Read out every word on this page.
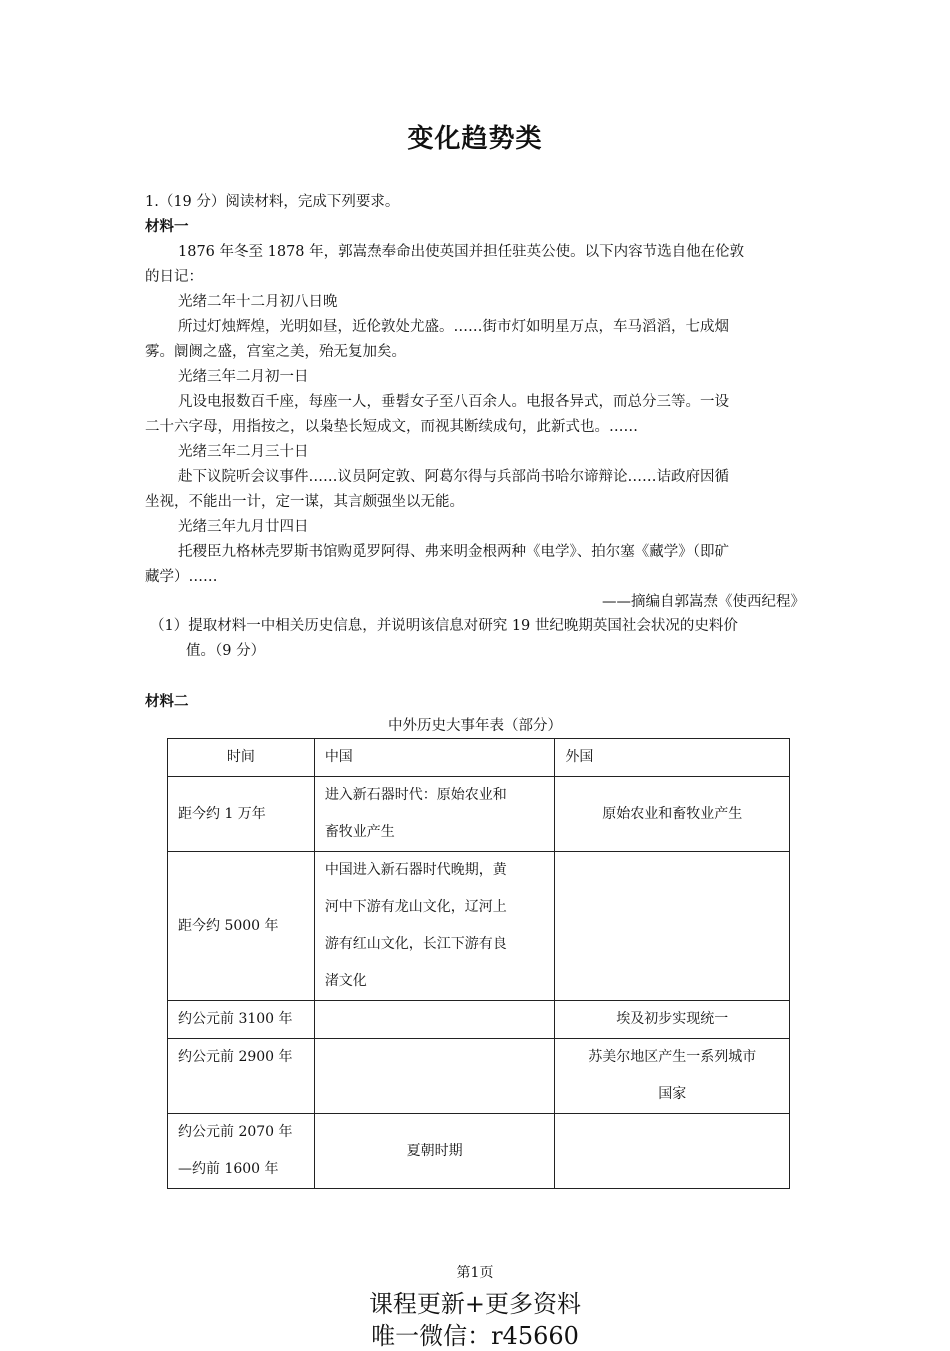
变化趋势类
1.（19 分）阅读材料，完成下列要求。
材料一
1876 年冬至 1878 年，郭嵩焘奉命出使英国并担任驻英公使。以下内容节选自他在伦敦
的日记：
光绪二年十二月初八日晚
所过灯烛辉煌，光明如昼，近伦敦处尤盛。……街市灯如明星万点，车马滔滔，七成烟
雾。阛阓之盛，宫室之美，殆无复加矣。
光绪三年二月初一日
凡设电报数百千座，每座一人，垂髫女子至八百余人。电报各异式，而总分三等。一设
二十六字母，用指按之，以枭垫长短成文，而视其断续成句，此新式也。……
光绪三年二月三十日
赴下议院听会议事件……议员阿定敦、阿葛尔得与兵部尚书哈尔谛辩论……诘政府因循
坐视，不能出一计，定一谋，其言颇强坐以无能。
光绪三年九月廿四日
托稷臣九格林壳罗斯书馆购觅罗阿得、弗来明金根两种《电学》、拍尔塞《藏学》（即矿
藏学）……
——摘编自郭嵩焘《使西纪程》
（1）提取材料一中相关历史信息，并说明该信息对研究 19 世纪晚期英国社会状况的史料价
值。（9 分）
材料二
中外历史大事年表（部分）
时间	中国	外国

距今约 1 万年	进入新石器时代：原始农业和
畜牧业产生	原始农业和畜牧业产生

距今约 5000 年	中国进入新石器时代晚期，黄
河中下游有龙山文化，辽河上
游有红山文化，长江下游有良
渚文化	

约公元前 3100 年		埃及初步实现统一

约公元前 2900 年		苏美尔地区产生一系列城市
国家

约公元前 2070 年
—约前 1600 年	夏朝时期	

第1页
课程更新+更多资料
唯一微信：r45660
